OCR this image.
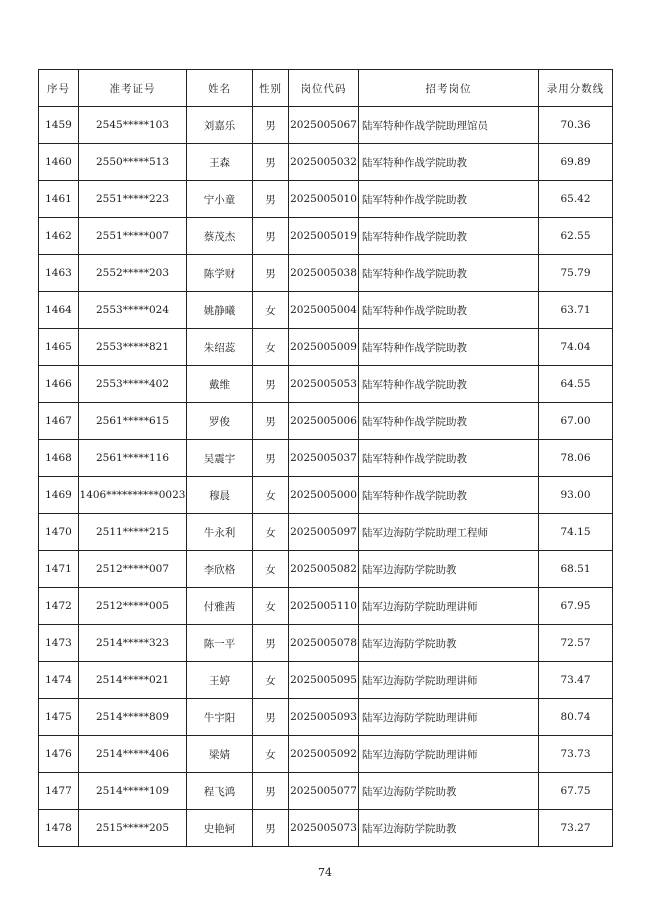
序号	准考证号	姓名	性别	岗位代码	招考岗位	录用分数线
1459	2545*****103	刘嘉乐	男	2025005067	陆军特种作战学院助理馆员	70.36
1460	2550*****513	王森	男	2025005032	陆军特种作战学院助教	69.89
1461	2551*****223	宁小童	男	2025005010	陆军特种作战学院助教	65.42
1462	2551*****007	蔡茂杰	男	2025005019	陆军特种作战学院助教	62.55
1463	2552*****203	陈学财	男	2025005038	陆军特种作战学院助教	75.79
1464	2553*****024	姚静曦	女	2025005004	陆军特种作战学院助教	63.71
1465	2553*****821	朱绍蕊	女	2025005009	陆军特种作战学院助教	74.04
1466	2553*****402	戴维	男	2025005053	陆军特种作战学院助教	64.55
1467	2561*****615	罗俊	男	2025005006	陆军特种作战学院助教	67.00
1468	2561*****116	吴震宇	男	2025005037	陆军特种作战学院助教	78.06
1469	1406**********0023	穆晨	女	2025005000	陆军特种作战学院助教	93.00
1470	2511*****215	牛永利	女	2025005097	陆军边海防学院助理工程师	74.15
1471	2512*****007	李欣格	女	2025005082	陆军边海防学院助教	68.51
1472	2512*****005	付雅茜	女	2025005110	陆军边海防学院助理讲师	67.95
1473	2514*****323	陈一平	男	2025005078	陆军边海防学院助教	72.57
1474	2514*****021	王婷	女	2025005095	陆军边海防学院助理讲师	73.47
1475	2514*****809	牛宇阳	男	2025005093	陆军边海防学院助理讲师	80.74
1476	2514*****406	梁婧	女	2025005092	陆军边海防学院助理讲师	73.73
1477	2514*****109	程飞鸿	男	2025005077	陆军边海防学院助教	67.75
1478	2515*****205	史艳轲	男	2025005073	陆军边海防学院助教	73.27
74
